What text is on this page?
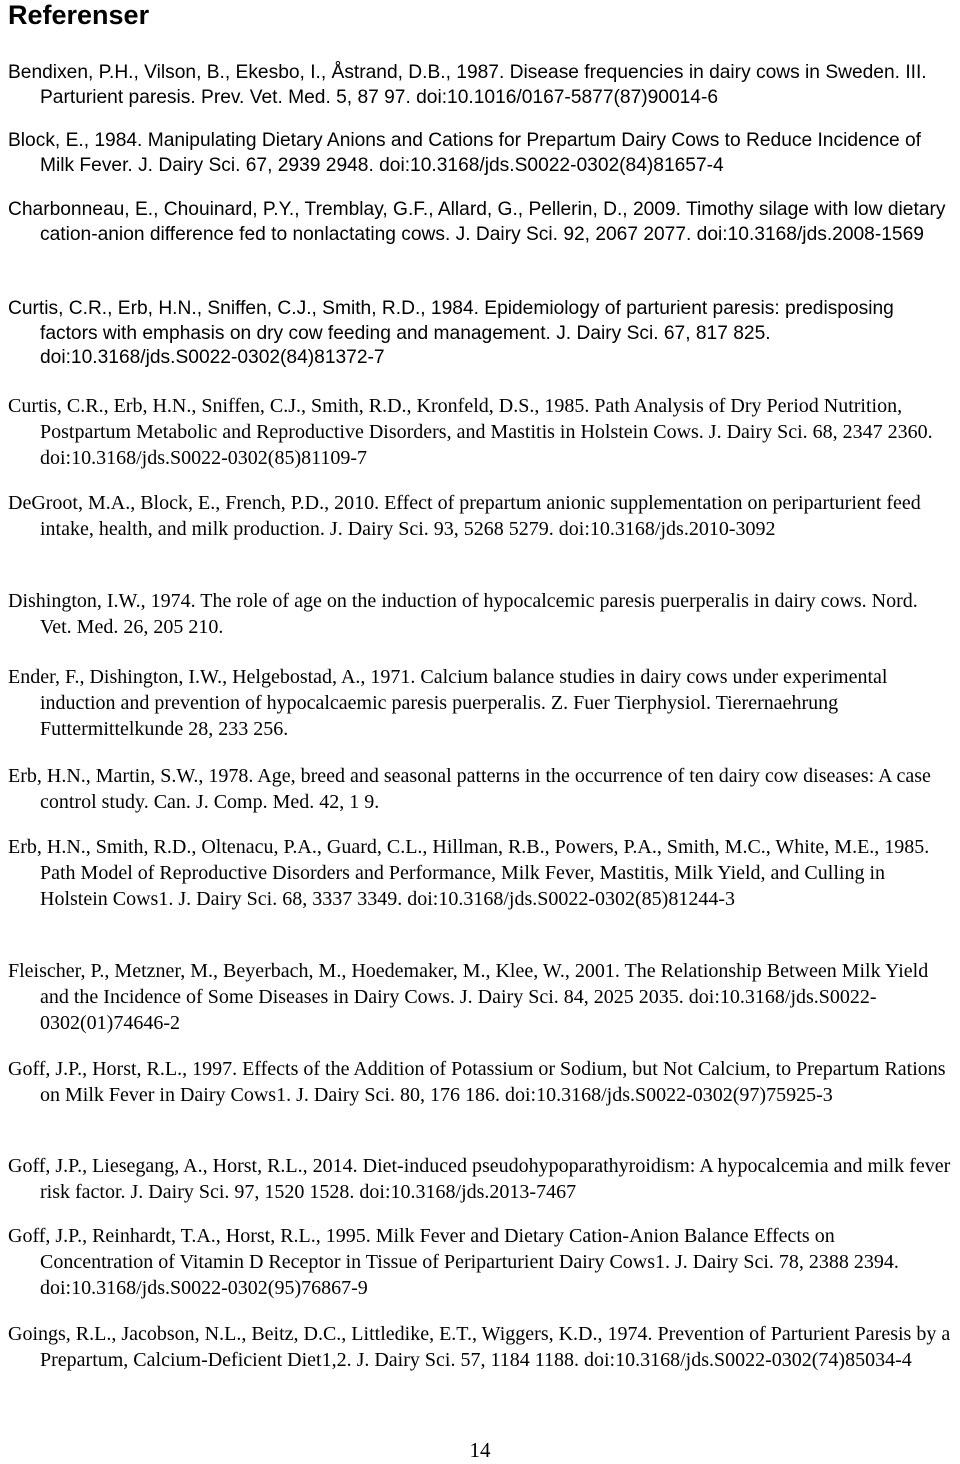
Referenser
Bendixen, P.H., Vilson, B., Ekesbo, I., Åstrand, D.B., 1987. Disease frequencies in dairy cows in Sweden. III. Parturient paresis. Prev. Vet. Med. 5, 87 97. doi:10.1016/0167-5877(87)90014-6
Block, E., 1984. Manipulating Dietary Anions and Cations for Prepartum Dairy Cows to Reduce Incidence of Milk Fever. J. Dairy Sci. 67, 2939 2948. doi:10.3168/jds.S0022-0302(84)81657-4
Charbonneau, E., Chouinard, P.Y., Tremblay, G.F., Allard, G., Pellerin, D., 2009. Timothy silage with low dietary cation-anion difference fed to nonlactating cows. J. Dairy Sci. 92, 2067 2077. doi:10.3168/jds.2008-1569
Curtis, C.R., Erb, H.N., Sniffen, C.J., Smith, R.D., 1984. Epidemiology of parturient paresis: predisposing factors with emphasis on dry cow feeding and management. J. Dairy Sci. 67, 817 825. doi:10.3168/jds.S0022-0302(84)81372-7
Curtis, C.R., Erb, H.N., Sniffen, C.J., Smith, R.D., Kronfeld, D.S., 1985. Path Analysis of Dry Period Nutrition, Postpartum Metabolic and Reproductive Disorders, and Mastitis in Holstein Cows. J. Dairy Sci. 68, 2347 2360. doi:10.3168/jds.S0022-0302(85)81109-7
DeGroot, M.A., Block, E., French, P.D., 2010. Effect of prepartum anionic supplementation on periparturient feed intake, health, and milk production. J. Dairy Sci. 93, 5268 5279. doi:10.3168/jds.2010-3092
Dishington, I.W., 1974. The role of age on the induction of hypocalcemic paresis puerperalis in dairy cows. Nord. Vet. Med. 26, 205 210.
Ender, F., Dishington, I.W., Helgebostad, A., 1971. Calcium balance studies in dairy cows under experimental induction and prevention of hypocalcaemic paresis puerperalis. Z. Fuer Tierphysiol. Tierernaehrung Futtermittelkunde 28, 233 256.
Erb, H.N., Martin, S.W., 1978. Age, breed and seasonal patterns in the occurrence of ten dairy cow diseases: A case control study. Can. J. Comp. Med. 42, 1 9.
Erb, H.N., Smith, R.D., Oltenacu, P.A., Guard, C.L., Hillman, R.B., Powers, P.A., Smith, M.C., White, M.E., 1985. Path Model of Reproductive Disorders and Performance, Milk Fever, Mastitis, Milk Yield, and Culling in Holstein Cows1. J. Dairy Sci. 68, 3337 3349. doi:10.3168/jds.S0022-0302(85)81244-3
Fleischer, P., Metzner, M., Beyerbach, M., Hoedemaker, M., Klee, W., 2001. The Relationship Between Milk Yield and the Incidence of Some Diseases in Dairy Cows. J. Dairy Sci. 84, 2025 2035. doi:10.3168/jds.S0022-0302(01)74646-2
Goff, J.P., Horst, R.L., 1997. Effects of the Addition of Potassium or Sodium, but Not Calcium, to Prepartum Rations on Milk Fever in Dairy Cows1. J. Dairy Sci. 80, 176 186. doi:10.3168/jds.S0022-0302(97)75925-3
Goff, J.P., Liesegang, A., Horst, R.L., 2014. Diet-induced pseudohypoparathyroidism: A hypocalcemia and milk fever risk factor. J. Dairy Sci. 97, 1520 1528. doi:10.3168/jds.2013-7467
Goff, J.P., Reinhardt, T.A., Horst, R.L., 1995. Milk Fever and Dietary Cation-Anion Balance Effects on Concentration of Vitamin D Receptor in Tissue of Periparturient Dairy Cows1. J. Dairy Sci. 78, 2388 2394. doi:10.3168/jds.S0022-0302(95)76867-9
Goings, R.L., Jacobson, N.L., Beitz, D.C., Littledike, E.T., Wiggers, K.D., 1974. Prevention of Parturient Paresis by a Prepartum, Calcium-Deficient Diet1,2. J. Dairy Sci. 57, 1184 1188. doi:10.3168/jds.S0022-0302(74)85034-4
14
